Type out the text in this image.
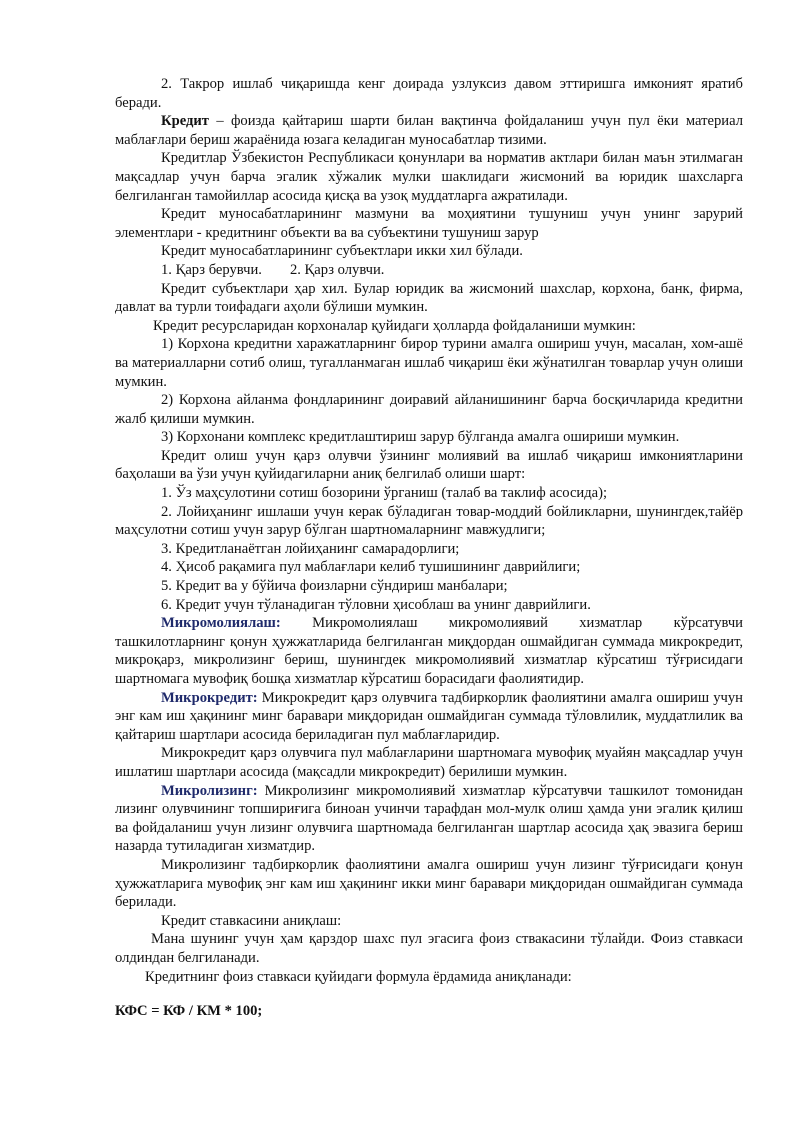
2. Такрор ишлаб чиқаришда кенг доирада узлуксиз давом эттиришга имконият яратиб беради.

Кредит – фоизда қайтариш шарти билан вақтинча фойдаланиш учун пул ёки материал маблағлари бериш жараёнида юзага келадиган муносабатлар тизими.

Кредитлар Ўзбекистон Республикаси қонунлари ва норматив актлари билан маън этилмаган мақсадлар учун барча эгалик хўжалик мулки шаклидаги жисмоний ва юридик шахсларга белгиланган тамойиллар асосида қисқа ва узоқ муддатларга ажратилади.

Кредит муносабатларининг мазмуни ва моҳиятини тушуниш учун унинг зарурий элементлари - кредитнинг объекти ва ва субъектини тушуниш зарур

Кредит муносабатларининг субъектлари икки хил бўлади.

1. Қарз берувчи. 2. Қарз олувчи.

Кредит субъектлари ҳар хил. Булар юридик ва жисмоний шахслар, корхона, банк, фирма, давлат ва турли тоифадаги аҳоли бўлиши мумкин.

Кредит ресурсларидан корхоналар қуйидаги ҳолларда фойдаланиши мумкин:

1) Корхона кредитни харажатларнинг бирор турини амалга ошириш учун, масалан, хом-ашё ва материалларни сотиб олиш, тугалланмаган ишлаб чиқариш ёки жўнатилган товарлар учун олиши мумкин.

2) Корхона айланма фондларининг доиравий айланишининг барча босқичларида кредитни жалб қилиши мумкин.

3) Корхонани комплекс кредитлаштириш зарур бўлганда амалга ошириши мумкин.

Кредит олиш учун қарз олувчи ўзининг молиявий ва ишлаб чиқариш имкониятларини баҳолаши ва ўзи учун қуйидагиларни аниқ белгилаб олиши шарт:

1. Ўз маҳсулотини сотиш бозорини ўрганиш (талаб ва таклиф асосида);

2. Лойиҳанинг ишлаши учун керак бўладиган товар-моддий бойликларни, шунингдек,тайёр маҳсулотни сотиш учун зарур бўлган шартномаларнинг мавжудлиги;

3. Кредитланаётган лойиҳанинг самарадорлиги;

4. Ҳисоб рақамига пул маблағлари келиб тушишининг даврийлиги;

5. Кредит ва у бўйича фоизларни сўндириш манбалари;

6. Кредит учун тўланадиган тўловни ҳисоблаш ва унинг даврийлиги.

Микромолиялаш: Микромолиялаш микромолиявий хизматлар кўрсатувчи ташкилотларнинг қонун ҳужжатларида белгиланган миқдордан ошмайдиган суммада микрокредит, микроқарз, микролизинг бериш, шунингдек микромолиявий хизматлар кўрсатиш тўғрисидаги шартномага мувофиқ бошқа хизматлар кўрсатиш борасидаги фаолиятидир.

Микрокредит: Микрокредит қарз олувчига тадбиркорлик фаолиятини амалга ошириш учун энг кам иш ҳақининг минг баравари миқдоридан ошмайдиган суммада тўловлилик, муддатлилик ва қайтариш шартлари асосида бериладиган пул маблағларидир.

Микрокредит қарз олувчига пул маблағларини шартномага мувофиқ муайян мақсадлар учун ишлатиш шартлари асосида (мақсадли микрокредит) берилиши мумкин.

Микролизинг: Микролизинг микромолиявий хизматлар кўрсатувчи ташкилот томонидан лизинг олувчининг топшириғига биноан учинчи тарафдан мол-мулк олиш ҳамда уни эгалик қилиш ва фойдаланиш учун лизинг олувчига шартномада белгиланган шартлар асосида ҳақ эвазига бериш назарда тутиладиган хизматдир.

Микролизинг тадбиркорлик фаолиятини амалга ошириш учун лизинг тўғрисидаги қонун ҳужжатларига мувофиқ энг кам иш ҳақининг икки минг баравари миқдоридан ошмайдиган суммада берилади.

Кредит ставкасини аниқлаш:

Мана шунинг учун ҳам қарздор шахс пул эгасига фоиз ствакасини тўлайди. Фоиз ставкаси олдиндан белгиланади.

Кредитнинг фоиз ставкаси қуйидаги формула ёрдамида аниқланади:

КФС = КФ / КМ * 100;
